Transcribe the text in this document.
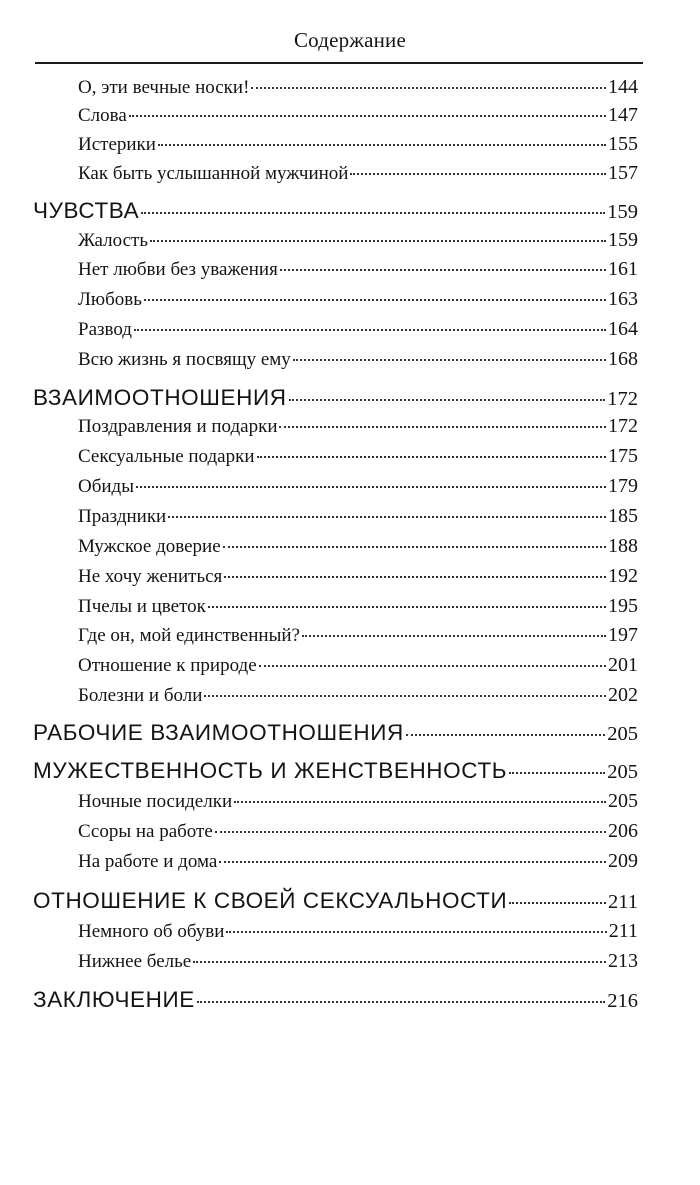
Содержание
О, эти вечные носки!	144
Слова	147
Истерики	155
Как быть услышанной мужчиной	157
ЧУВСТВА	159
Жалость	159
Нет любви без уважения	161
Любовь	163
Развод	164
Всю жизнь я посвящу ему	168
ВЗАИМООТНОШЕНИЯ	172
Поздравления и подарки	172
Сексуальные подарки	175
Обиды	179
Праздники	185
Мужское доверие	188
Не хочу жениться	192
Пчелы и цветок	195
Где он, мой единственный?	197
Отношение к природе	201
Болезни и боли	202
РАБОЧИЕ ВЗАИМООТНОШЕНИЯ	205
МУЖЕСТВЕННОСТЬ И ЖЕНСТВЕННОСТЬ	205
Ночные посиделки	205
Ссоры на работе	206
На работе и дома	209
ОТНОШЕНИЕ К СВОЕЙ СЕКСУАЛЬНОСТИ	211
Немного об обуви	211
Нижнее белье	213
ЗАКЛЮЧЕНИЕ	216
